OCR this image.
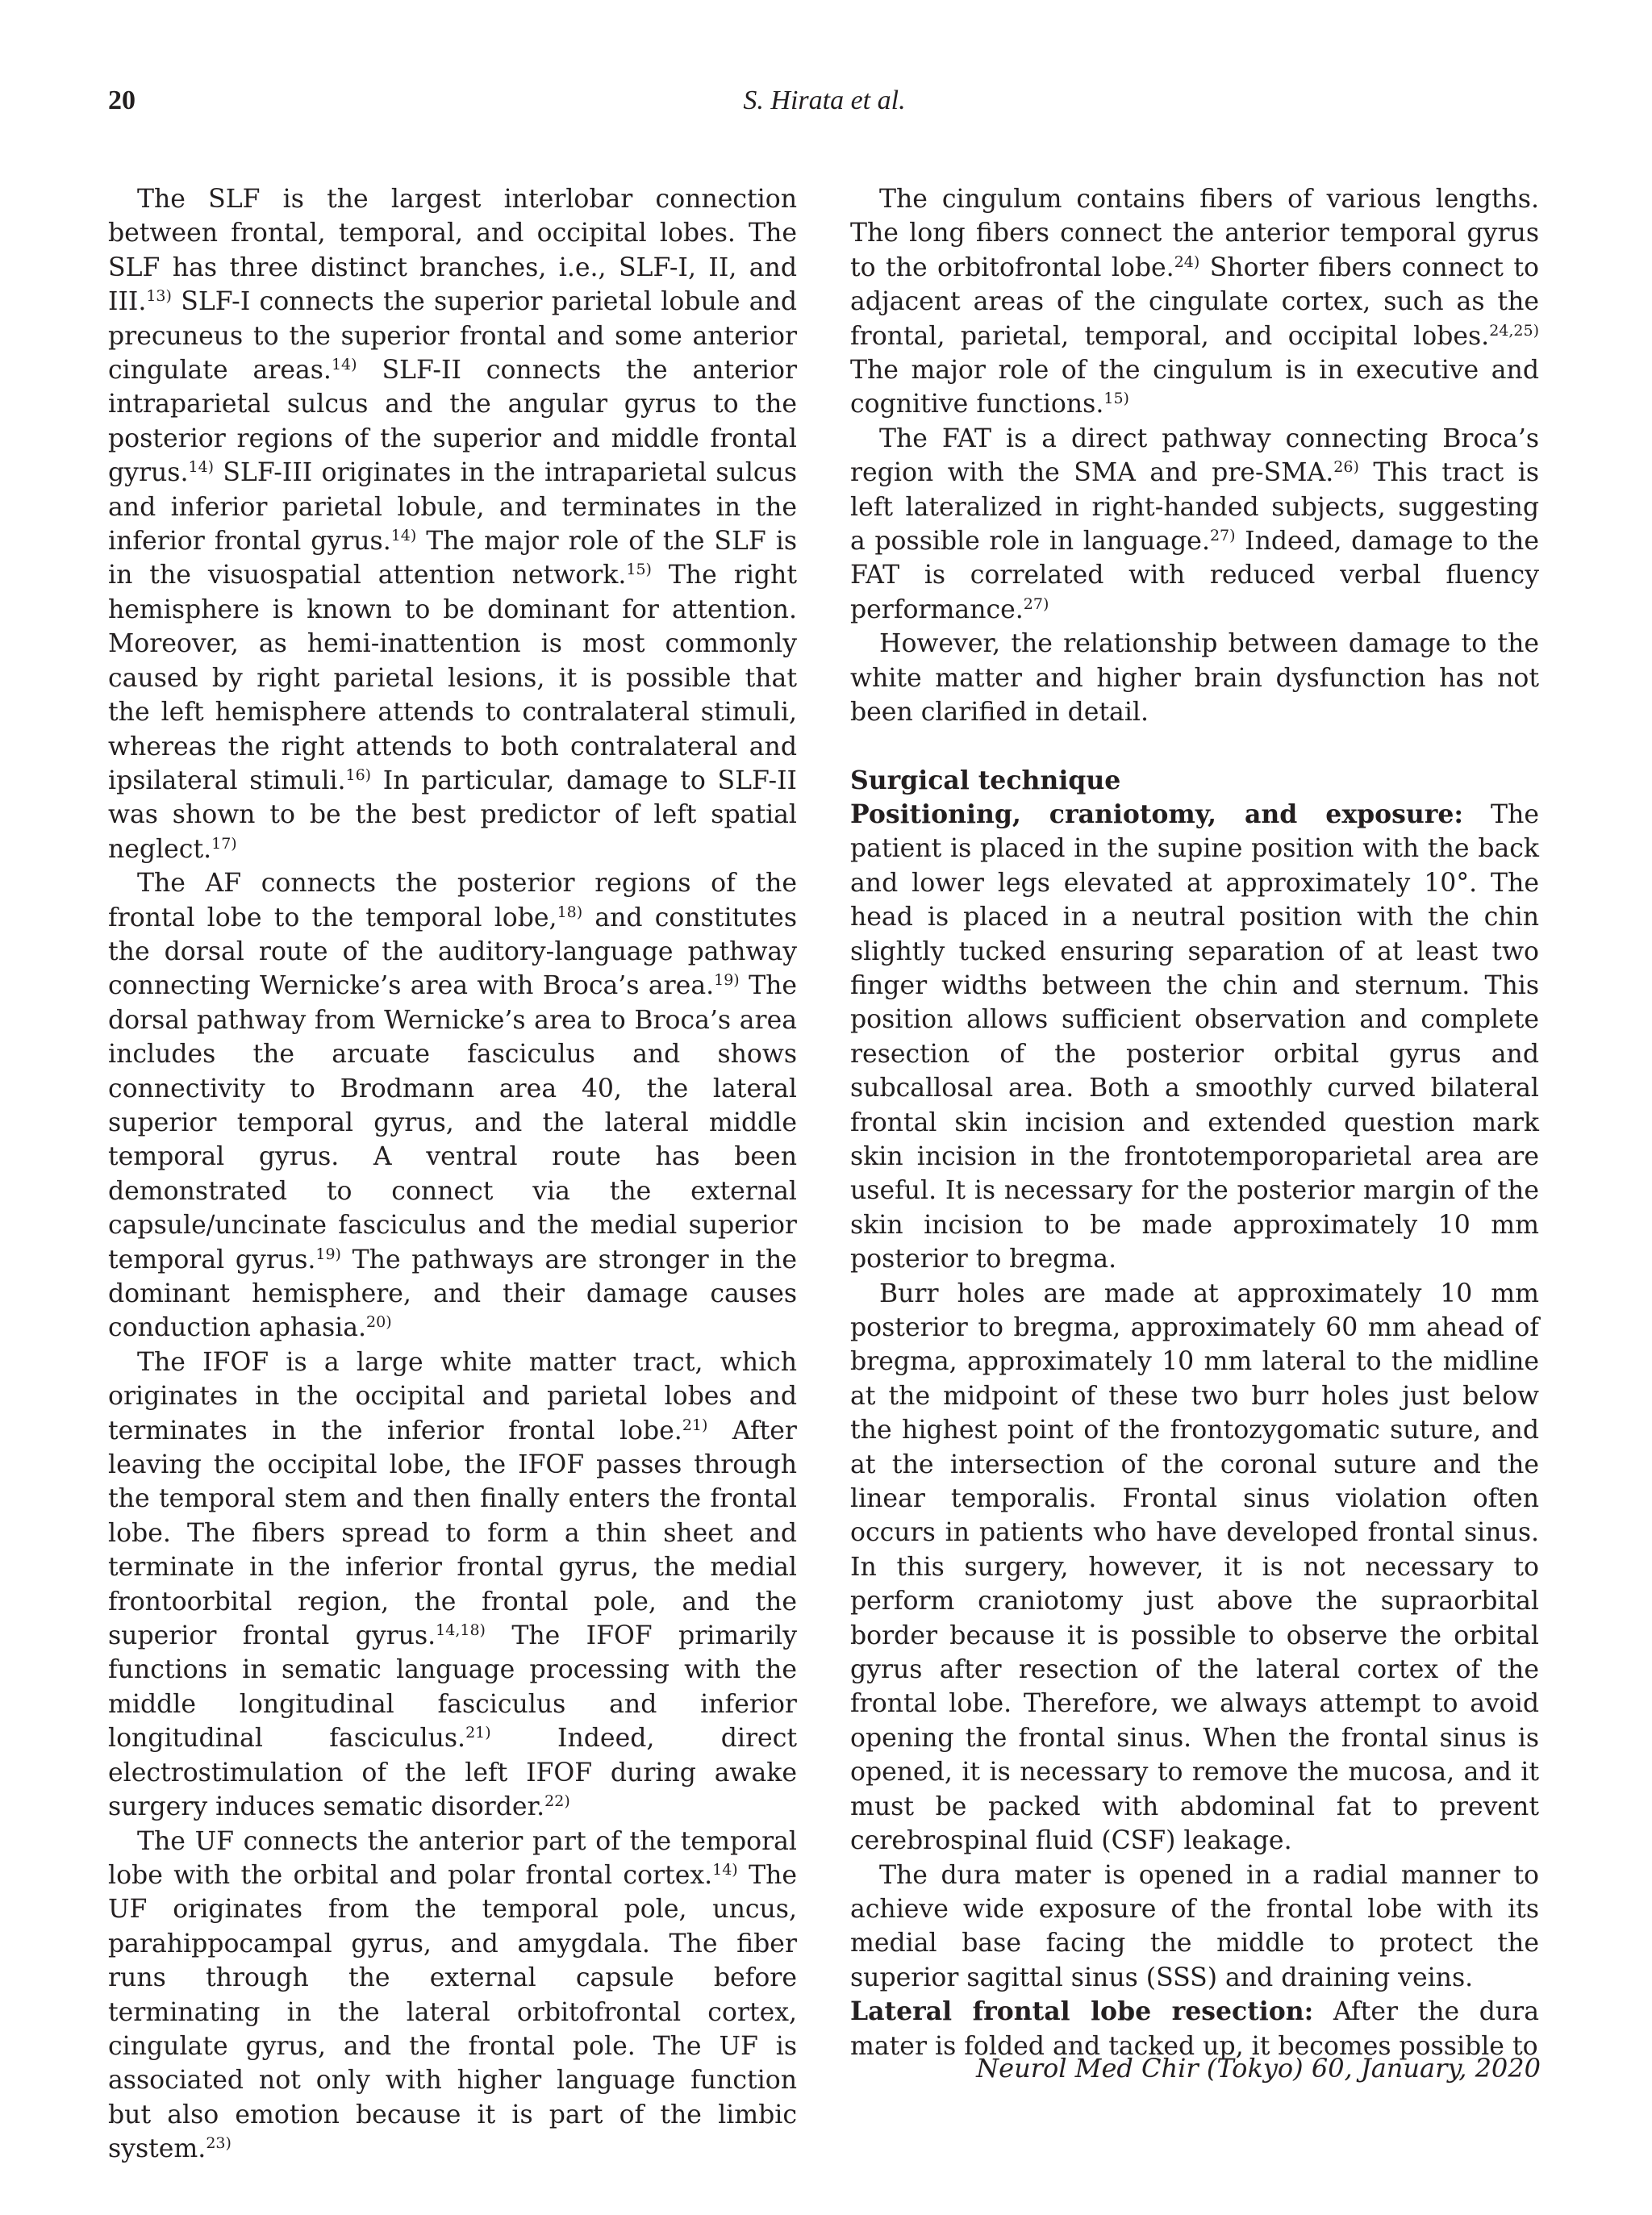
20	S. Hirata et al.

The SLF is the largest interlobar connection between frontal, temporal, and occipital lobes. The SLF has three distinct branches, i.e., SLF-I, II, and III.$^{13)}$ SLF-I connects the superior parietal lobule and precuneus to the superior frontal and some anterior cingulate areas.$^{14)}$ SLF-II connects the anterior intraparietal sulcus and the angular gyrus to the posterior regions of the superior and middle frontal gyrus.$^{14)}$ SLF-III originates in the intraparietal sulcus and inferior parietal lobule, and terminates in the inferior frontal gyrus.$^{14)}$ The major role of the SLF is in the visuospatial attention network.$^{15)}$ The right hemisphere is known to be dominant for attention. Moreover, as hemi-inattention is most commonly caused by right parietal lesions, it is possible that the left hemisphere attends to contralateral stimuli, whereas the right attends to both contralateral and ipsilateral stimuli.$^{16)}$ In particular, damage to SLF-II was shown to be the best predictor of left spatial neglect.$^{17)}$

The AF connects the posterior regions of the frontal lobe to the temporal lobe,$^{18)}$ and constitutes the dorsal route of the auditory-language pathway connecting Wernicke’s area with Broca’s area.$^{19)}$ The dorsal pathway from Wernicke’s area to Broca’s area includes the arcuate fasciculus and shows connectivity to Brodmann area 40, the lateral superior temporal gyrus, and the lateral middle temporal gyrus. A ventral route has been demonstrated to connect via the external capsule/uncinate fasciculus and the medial superior temporal gyrus.$^{19)}$ The pathways are stronger in the dominant hemisphere, and their damage causes conduction aphasia.$^{20)}$

The IFOF is a large white matter tract, which originates in the occipital and parietal lobes and terminates in the inferior frontal lobe.$^{21)}$ After leaving the occipital lobe, the IFOF passes through the temporal stem and then finally enters the frontal lobe. The fibers spread to form a thin sheet and terminate in the inferior frontal gyrus, the medial frontoorbital region, the frontal pole, and the superior frontal gyrus.$^{14,18)}$ The IFOF primarily functions in sematic language processing with the middle longitudinal fasciculus and inferior longitudinal fasciculus.$^{21)}$ Indeed, direct electrostimulation of the left IFOF during awake surgery induces sematic disorder.$^{22)}$

The UF connects the anterior part of the temporal lobe with the orbital and polar frontal cortex.$^{14)}$ The UF originates from the temporal pole, uncus, parahippocampal gyrus, and amygdala. The fiber runs through the external capsule before terminating in the lateral orbitofrontal cortex, cingulate gyrus, and the frontal pole. The UF is associated not only with higher language function but also emotion because it is part of the limbic system.$^{23)}$

The cingulum contains fibers of various lengths. The long fibers connect the anterior temporal gyrus to the orbitofrontal lobe.$^{24)}$ Shorter fibers connect to adjacent areas of the cingulate cortex, such as the frontal, parietal, temporal, and occipital lobes.$^{24,25)}$ The major role of the cingulum is in executive and cognitive functions.$^{15)}$

The FAT is a direct pathway connecting Broca’s region with the SMA and pre-SMA.$^{26)}$ This tract is left lateralized in right-handed subjects, suggesting a possible role in language.$^{27)}$ Indeed, damage to the FAT is correlated with reduced verbal fluency performance.$^{27)}$

However, the relationship between damage to the white matter and higher brain dysfunction has not been clarified in detail.

Surgical technique

Positioning, craniotomy, and exposure: The patient is placed in the supine position with the back and lower legs elevated at approximately 10°. The head is placed in a neutral position with the chin slightly tucked ensuring separation of at least two finger widths between the chin and sternum. This position allows sufficient observation and complete resection of the posterior orbital gyrus and subcallosal area. Both a smoothly curved bilateral frontal skin incision and extended question mark skin incision in the frontotemporoparietal area are useful. It is necessary for the posterior margin of the skin incision to be made approximately 10 mm posterior to bregma.

Burr holes are made at approximately 10 mm posterior to bregma, approximately 60 mm ahead of bregma, approximately 10 mm lateral to the midline at the midpoint of these two burr holes just below the highest point of the frontozygomatic suture, and at the intersection of the coronal suture and the linear temporalis. Frontal sinus violation often occurs in patients who have developed frontal sinus. In this surgery, however, it is not necessary to perform craniotomy just above the supraorbital border because it is possible to observe the orbital gyrus after resection of the lateral cortex of the frontal lobe. Therefore, we always attempt to avoid opening the frontal sinus. When the frontal sinus is opened, it is necessary to remove the mucosa, and it must be packed with abdominal fat to prevent cerebrospinal fluid (CSF) leakage.

The dura mater is opened in a radial manner to achieve wide exposure of the frontal lobe with its medial base facing the middle to protect the superior sagittal sinus (SSS) and draining veins.

Lateral frontal lobe resection: After the dura mater is folded and tacked up, it becomes possible to

Neurol Med Chir (Tokyo) 60, January, 2020
